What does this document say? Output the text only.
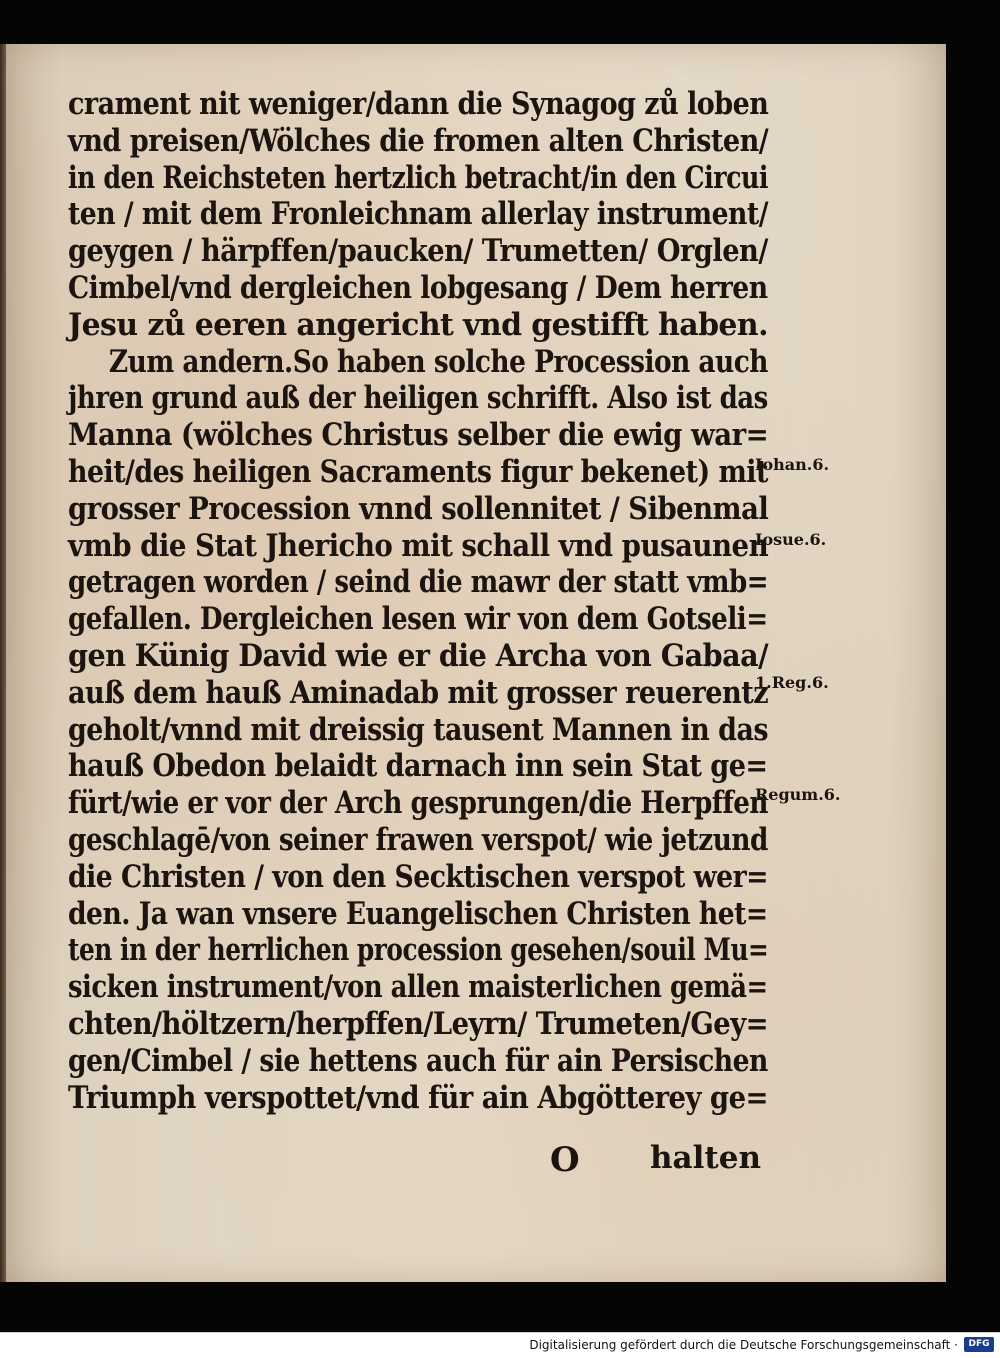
crament nit weniger/dann die Synagog zů loben
vnd preisen/Wölches die fromen alten Christen/
in den Reichsteten hertzlich betracht/in den Circui
ten / mit dem Fronleichnam allerlay instrument/
geygen / härpffen/paucken/ Trumetten/ Orglen/
Cimbel/vnd dergleichen lobgesang / Dem herren
Jesu zů eeren angericht vnd gestifft haben.
Zum andern.So haben solche Procession auch
jhren grund auß der heiligen schrifft. Also ist das
Manna (wölches Christus selber die ewig war=
heit/des heiligen Sacraments figur bekenet) mit
grosser Procession vnnd sollennitet / Sibenmal
vmb die Stat Jhericho mit schall vnd pusaunen
getragen worden / seind die mawr der statt vmb=
gefallen. Dergleichen lesen wir von dem Gotseli=
gen Künig David wie er die Archa von Gabaa/
auß dem hauß Aminadab mit grosser reuerentz
geholt/vnnd mit dreissig tausent Mannen in das
hauß Obedon belaidt darnach inn sein Stat ge=
fürt/wie er vor der Arch gesprungen/die Herpffen
geschlagē/von seiner frawen verspot/ wie jetzund
die Christen / von den Secktischen verspot wer=
den. Ja wan vnsere Euangelischen Christen het=
ten in der herrlichen procession gesehen/souil Mu=
sicken instrument/von allen maisterlichen gemä=
chten/höltzern/herpffen/Leyrn/ Trumeten/Gey=
gen/Cimbel / sie hettens auch für ain Persischen
Triumph verspottet/vnd für ain Abgötterey ge=
Iohan.6.
Iosue.6.
1.Reg.6.
Regum.6.
O halten
Digitalisierung gefördert durch die Deutsche Forschungsgemeinschaft ·	DFG
